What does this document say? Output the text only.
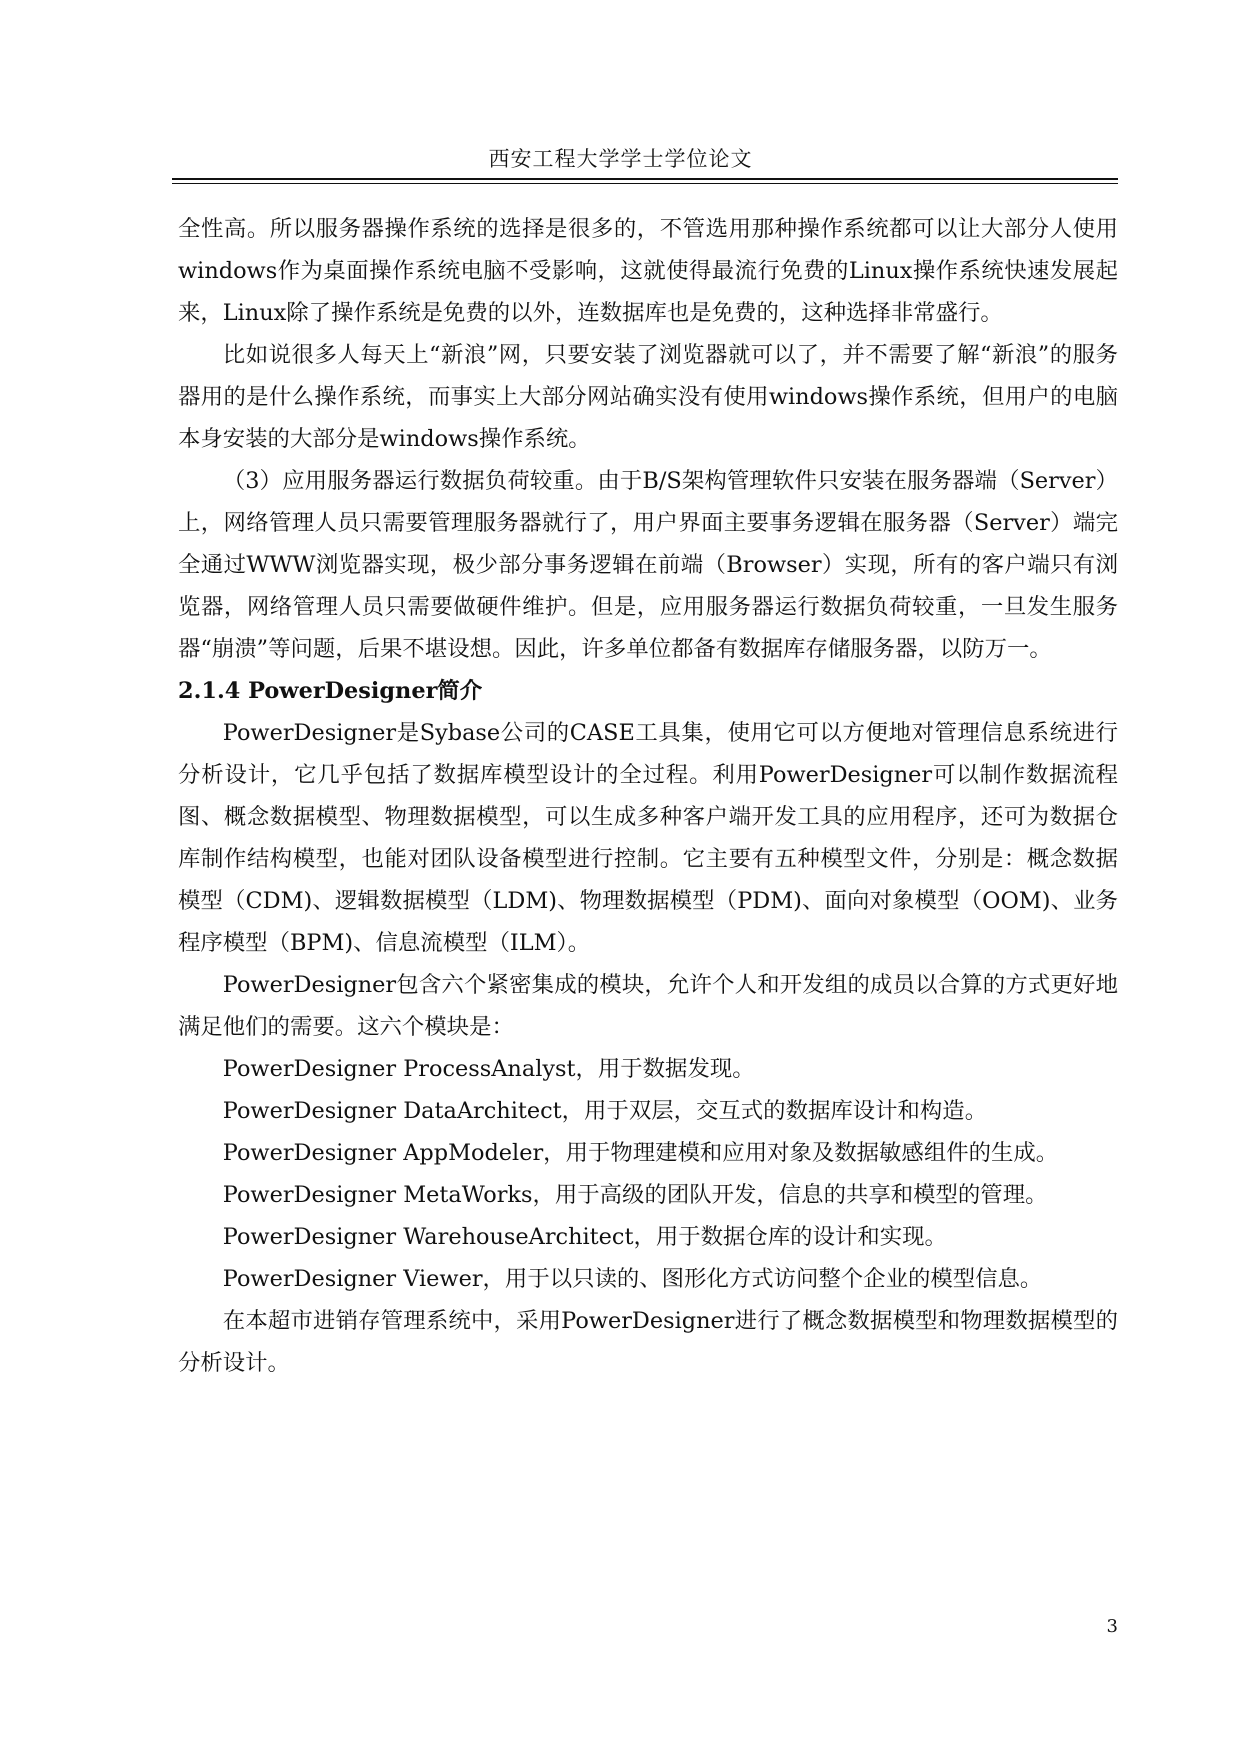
西安工程大学学士学位论文

全性高。所以服务器操作系统的选择是很多的，不管选用那种操作系统都可以让大部分人使用windows作为桌面操作系统电脑不受影响，这就使得最流行免费的Linux操作系统快速发展起来，Linux除了操作系统是免费的以外，连数据库也是免费的，这种选择非常盛行。

比如说很多人每天上“新浪”网，只要安装了浏览器就可以了，并不需要了解“新浪”的服务器用的是什么操作系统，而事实上大部分网站确实没有使用windows操作系统，但用户的电脑本身安装的大部分是windows操作系统。

（3）应用服务器运行数据负荷较重。由于B/S架构管理软件只安装在服务器端（Server）上，网络管理人员只需要管理服务器就行了，用户界面主要事务逻辑在服务器（Server）端完全通过WWW浏览器实现，极少部分事务逻辑在前端（Browser）实现，所有的客户端只有浏览器，网络管理人员只需要做硬件维护。但是，应用服务器运行数据负荷较重，一旦发生服务器“崩溃”等问题，后果不堪设想。因此，许多单位都备有数据库存储服务器，以防万一。

2.1.4 PowerDesigner简介

PowerDesigner是Sybase公司的CASE工具集，使用它可以方便地对管理信息系统进行分析设计，它几乎包括了数据库模型设计的全过程。利用PowerDesigner可以制作数据流程图、概念数据模型、物理数据模型，可以生成多种客户端开发工具的应用程序，还可为数据仓库制作结构模型，也能对团队设备模型进行控制。它主要有五种模型文件，分别是：概念数据模型（CDM)、逻辑数据模型（LDM)、物理数据模型（PDM)、面向对象模型（OOM)、业务程序模型（BPM)、信息流模型（ILM）。

PowerDesigner包含六个紧密集成的模块，允许个人和开发组的成员以合算的方式更好地满足他们的需要。这六个模块是：

PowerDesigner ProcessAnalyst，用于数据发现。

PowerDesigner DataArchitect，用于双层，交互式的数据库设计和构造。

PowerDesigner AppModeler，用于物理建模和应用对象及数据敏感组件的生成。

PowerDesigner MetaWorks，用于高级的团队开发，信息的共享和模型的管理。

PowerDesigner WarehouseArchitect，用于数据仓库的设计和实现。

PowerDesigner Viewer，用于以只读的、图形化方式访问整个企业的模型信息。

在本超市进销存管理系统中，采用PowerDesigner进行了概念数据模型和物理数据模型的分析设计。

3
